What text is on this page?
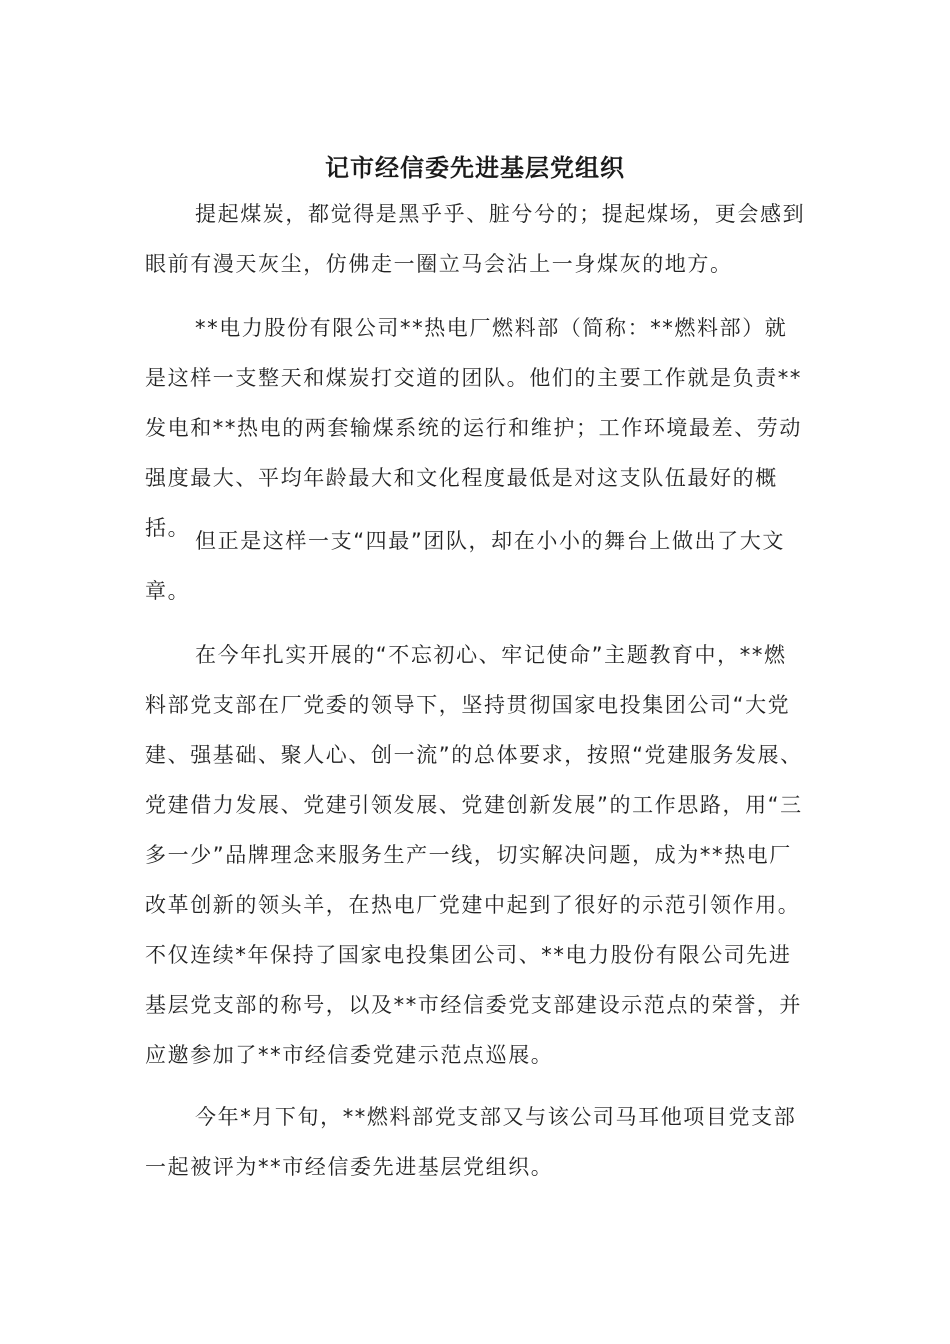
记市经信委先进基层党组织

提起煤炭，都觉得是黑乎乎、脏兮兮的；提起煤场，更会感到眼前有漫天灰尘，仿佛走一圈立马会沾上一身煤灰的地方。

**电力股份有限公司**热电厂燃料部（简称：**燃料部）就是这样一支整天和煤炭打交道的团队。他们的主要工作就是负责**发电和**热电的两套输煤系统的运行和维护；工作环境最差、劳动强度最大、平均年龄最大和文化程度最低是对这支队伍最好的概括。

但正是这样一支“四最”团队，却在小小的舞台上做出了大文章。

在今年扎实开展的“不忘初心、牢记使命”主题教育中，**燃料部党支部在厂党委的领导下，坚持贯彻国家电投集团公司“大党建、强基础、聚人心、创一流”的总体要求，按照“党建服务发展、党建借力发展、党建引领发展、党建创新发展”的工作思路，用“三多一少”品牌理念来服务生产一线，切实解决问题，成为**热电厂改革创新的领头羊，在热电厂党建中起到了很好的示范引领作用。不仅连续*年保持了国家电投集团公司、**电力股份有限公司先进基层党支部的称号，以及**市经信委党支部建设示范点的荣誉，并应邀参加了**市经信委党建示范点巡展。

今年*月下旬，**燃料部党支部又与该公司马耳他项目党支部一起被评为**市经信委先进基层党组织。
